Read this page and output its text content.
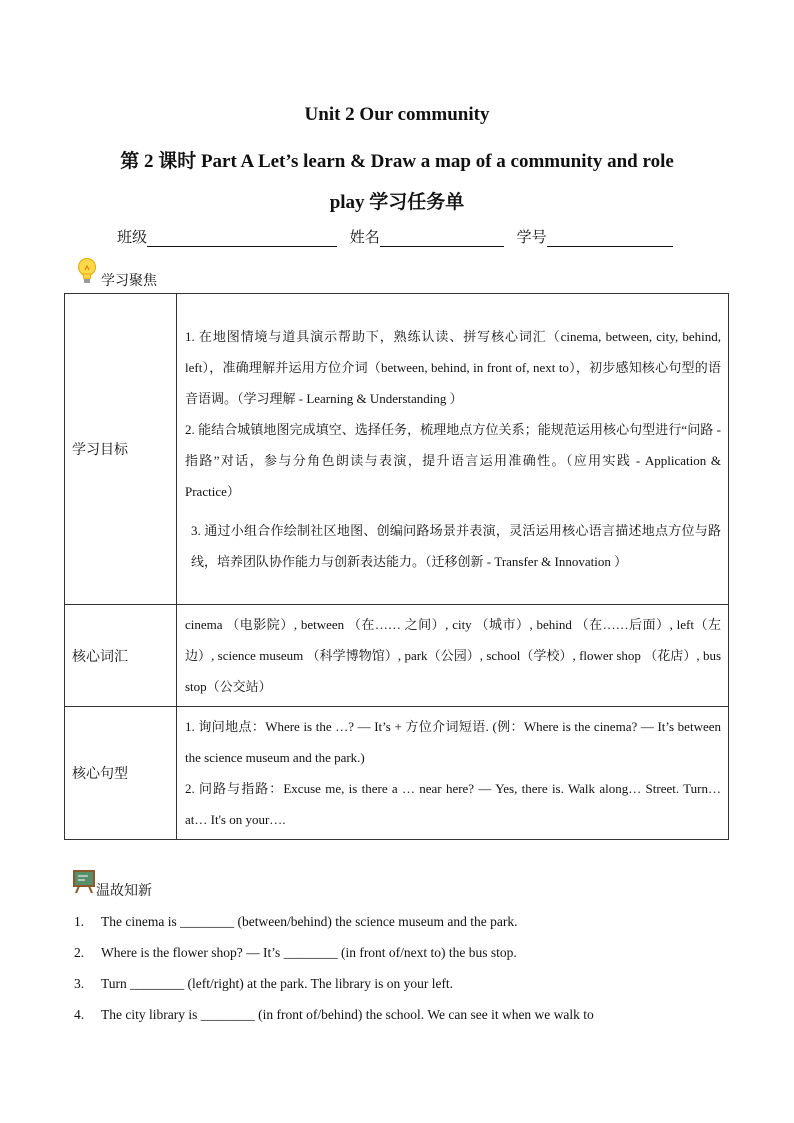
Unit 2 Our community
第 2 课时 Part A Let’s learn & Draw a map of a community and role
play 学习任务单
班级	姓名	学号
学习聚焦
学习目标	1. 在地图情境与道具演示帮助下，熟练认读、拼写核心词汇（cinema, between, city, behind, left），准确理解并运用方位介词（between, behind, in front of, next to），初步感知核心句型的语音语调。（学习理解 - Learning & Understanding ）

2. 能结合城镇地图完成填空、选择任务，梳理地点方位关系；能规范运用核心句型进行“问路 - 指路”对话，参与分角色朗读与表演，提升语言运用准确性。（应用实践 - Application & Practice）

3. 通过小组合作绘制社区地图、创编问路场景并表演，灵活运用核心语言描述地点方位与路线，培养团队协作能力与创新表达能力。（迁移创新 - Transfer & Innovation ）

核心词汇	cinema （电影院）, between （在…… 之间）, city （城市）, behind （在……后面）, left（左边）, science museum （科学博物馆）, park（公园）, school（学校）, flower shop （花店）, bus stop（公交站）

核心句型	1. 询问地点：Where is the …? — It’s + 方位介词短语. (例：Where is the cinema? — It’s between the science museum and the park.)

2. 问路与指路：Excuse me, is there a … near here? — Yes, there is. Walk along… Street. Turn… at… It's on your….

温故知新
1. The cinema is ________ (between/behind) the science museum and the park.
2. Where is the flower shop? — It’s ________ (in front of/next to) the bus stop.
3. Turn ________ (left/right) at the park. The library is on your left.
4. The city library is ________ (in front of/behind) the school. We can see it when we walk to
